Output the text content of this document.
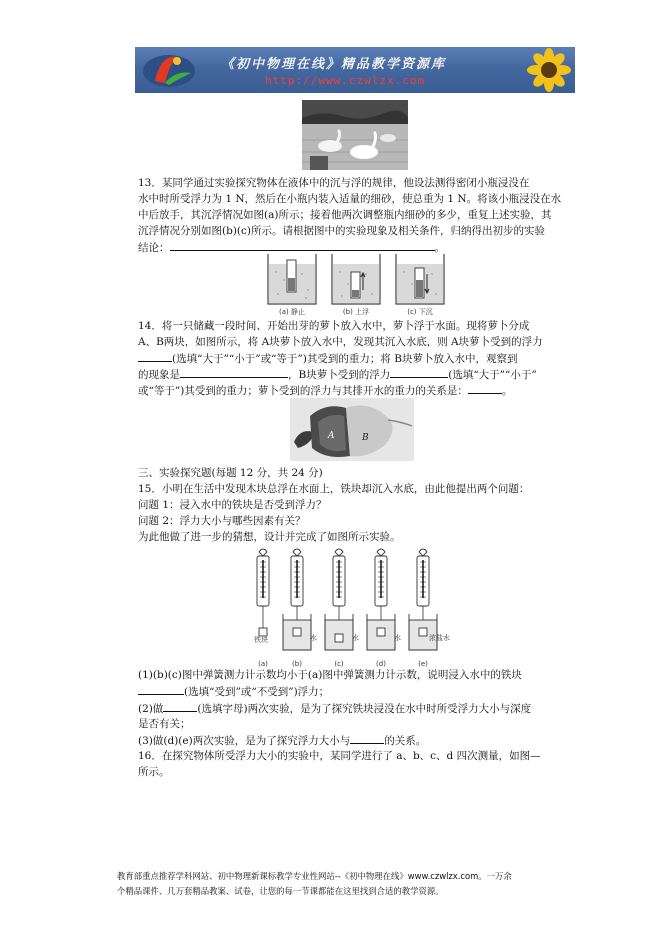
《初中物理在线》精品教学资源库
http://www.czwlzx.com

13．某同学通过实验探究物体在液体中的沉与浮的规律，他设法测得密闭小瓶浸没在

水中时所受浮力为 1 N，然后在小瓶内装入适量的细砂，使总重为 1 N。将该小瓶浸没在水

中后放手，其沉浮情况如图(a)所示；接着他两次调整瓶内细砂的多少，重复上述实验，其

沉浮情况分别如图(b)(c)所示。请根据图中的实验现象及相关条件，归纳得出初步的实验

结论：	。

(a) 静止	(b) 上浮	(c) 下沉

14．将一只储藏一段时间、开始出芽的萝卜放入水中，萝卜浮于水面。现将萝卜分成

A、B两块，如图所示，将 A块萝卜放入水中，发现其沉入水底，则 A块萝卜受到的浮力

(选填“大于”“小于”或“等于”)其受到的重力；将 B块萝卜放入水中，观察到

的现象是	，B块萝卜受到的浮力	(选填“大于”“小于”

或“等于”)其受到的重力；萝卜受到的浮力与其排开水的重力的关系是：	。

A	B

三、实验探究题(每题 12 分，共 24 分)

15．小明在生活中发现木块总浮在水面上，铁块却沉入水底，由此他提出两个问题：

问题 1：浸入水中的铁块是否受到浮力？

问题 2：浮力大小与哪些因素有关？

为此他做了进一步的猜想，设计并完成了如图所示实验。

铁块	水	水	水	浓盐水
(a)	(b)	(c)	(d)	(e)

(1)(b)(c)图中弹簧测力计示数均小于(a)图中弹簧测力计示数，说明浸入水中的铁块

(选填“受到”或“不受到”)浮力；

(2)做	(选填字母)两次实验，是为了探究铁块浸没在水中时所受浮力大小与深度

是否有关；

(3)做(d)(e)两次实验，是为了探究浮力大小与	的关系。

16．在探究物体所受浮力大小的实验中，某同学进行了 a、b、c、d 四次测量，如图—

所示。

教育部重点推荐学科网站、初中物理新课标教学专业性网站--《初中物理在线》www.czwlzx.com。一万余
个精品课件、几万套精品教案、试卷，让您的每一节课都能在这里找到合适的教学资源。
